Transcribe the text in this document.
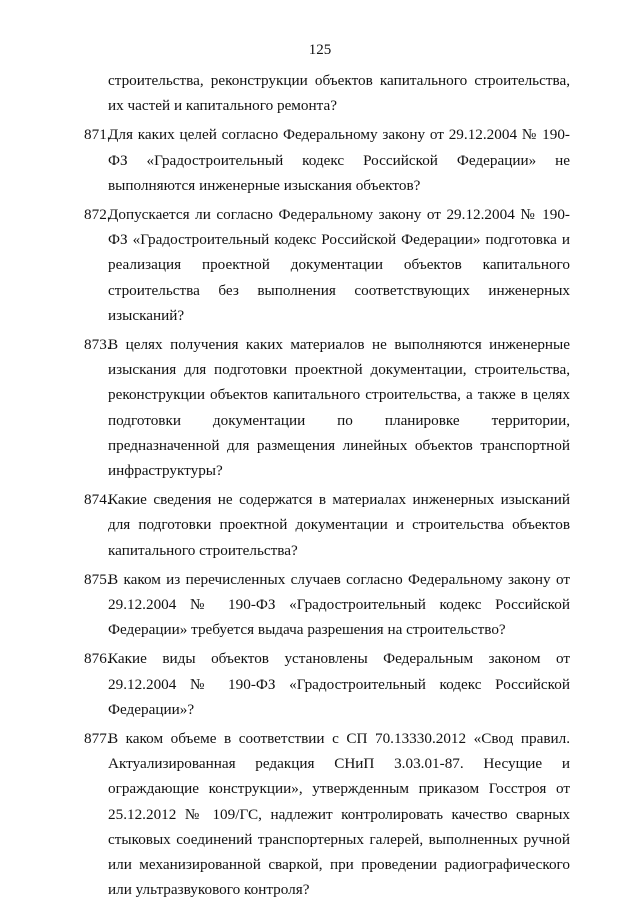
125
строительства, реконструкции объектов капитального строительства, их частей и капитального ремонта?
871.
Для каких целей согласно Федеральному закону от 29.12.2004 № 190-ФЗ «Градостроительный кодекс Российской Федерации» не выполняются инженерные изыскания объектов?
872.
Допускается ли согласно Федеральному закону от 29.12.2004 № 190-ФЗ «Градостроительный кодекс Российской Федерации» подготовка и реализация проектной документации объектов капитального строительства без выполнения соответствующих инженерных изысканий?
873.
В целях получения каких материалов не выполняются инженерные изыскания для подготовки проектной документации, строительства, реконструкции объектов капитального строительства, а также в целях подготовки документации по планировке территории, предназначенной для размещения линейных объектов транспортной инфраструктуры?
874.
Какие сведения не содержатся в материалах инженерных изысканий для подготовки проектной документации и строительства объектов капитального строительства?
875.
В каком из перечисленных случаев согласно Федеральному закону от 29.12.2004 № 190-ФЗ «Градостроительный кодекс Российской Федерации» требуется выдача разрешения на строительство?
876.
Какие виды объектов установлены Федеральным законом от 29.12.2004 № 190-ФЗ «Градостроительный кодекс Российской Федерации»?
877.
В каком объеме в соответствии с СП 70.13330.2012 «Свод правил. Актуализированная редакция СНиП 3.03.01-87. Несущие и ограждающие конструкции», утвержденным приказом Госстроя от 25.12.2012 № 109/ГС, надлежит контролировать качество сварных стыковых соединений транспортерных галерей, выполненных ручной или механизированной сваркой, при проведении радиографического или ультразвукового контроля?
